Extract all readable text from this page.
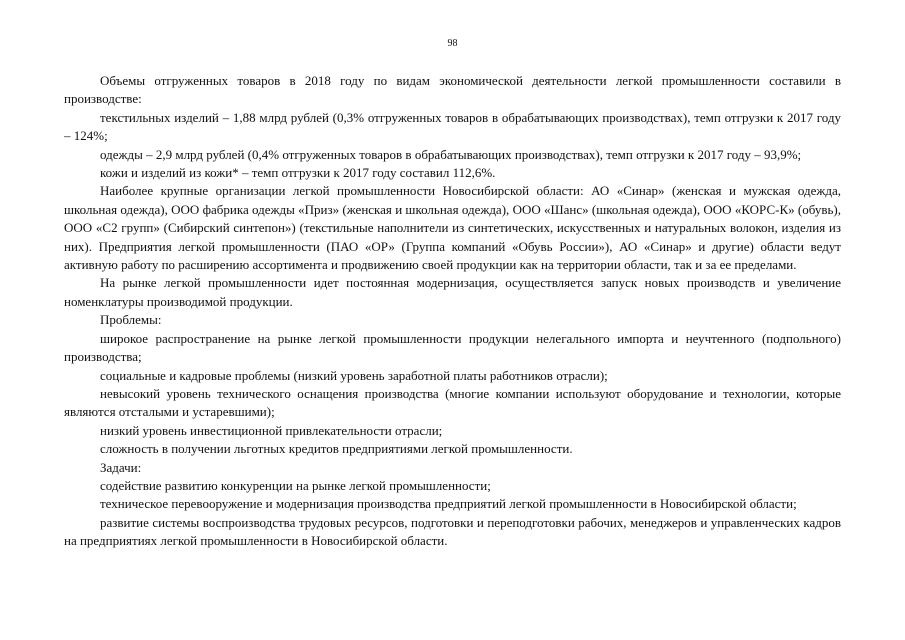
98

Объемы отгруженных товаров в 2018 году по видам экономической деятельности легкой промышленности составили в производстве:

текстильных изделий – 1,88 млрд рублей (0,3% отгруженных товаров в обрабатывающих производствах), темп отгрузки к 2017 году – 124%;

одежды – 2,9 млрд рублей (0,4% отгруженных товаров в обрабатывающих производствах), темп отгрузки к 2017 году – 93,9%;

кожи и изделий из кожи* – темп отгрузки к 2017 году составил 112,6%.

Наиболее крупные организации легкой промышленности Новосибирской области: АО «Синар» (женская и мужская одежда, школьная одежда), ООО фабрика одежды «Приз» (женская и школьная одежда), ООО «Шанс» (школьная одежда), ООО «КОРС-К» (обувь), ООО «С2 групп» (Сибирский синтепон») (текстильные наполнители из синтетических, искусственных и натуральных волокон, изделия из них). Предприятия легкой промышленности (ПАО «ОР» (Группа компаний «Обувь России»), АО «Синар» и другие) области ведут активную работу по расширению ассортимента и продвижению своей продукции как на территории области, так и за ее пределами.

На рынке легкой промышленности идет постоянная модернизация, осуществляется запуск новых производств и увеличение номенклатуры производимой продукции.

Проблемы:

широкое распространение на рынке легкой промышленности продукции нелегального импорта и неучтенного (подпольного) производства;

социальные и кадровые проблемы (низкий уровень заработной платы работников отрасли);

невысокий уровень технического оснащения производства (многие компании используют оборудование и технологии, которые являются отсталыми и устаревшими);

низкий уровень инвестиционной привлекательности отрасли;

сложность в получении льготных кредитов предприятиями легкой промышленности.

Задачи:

содействие развитию конкуренции на рынке легкой промышленности;

техническое перевооружение и модернизация производства предприятий легкой промышленности в Новосибирской области;

развитие системы воспроизводства трудовых ресурсов, подготовки и переподготовки рабочих, менеджеров и управленческих кадров на предприятиях легкой промышленности в Новосибирской области.
